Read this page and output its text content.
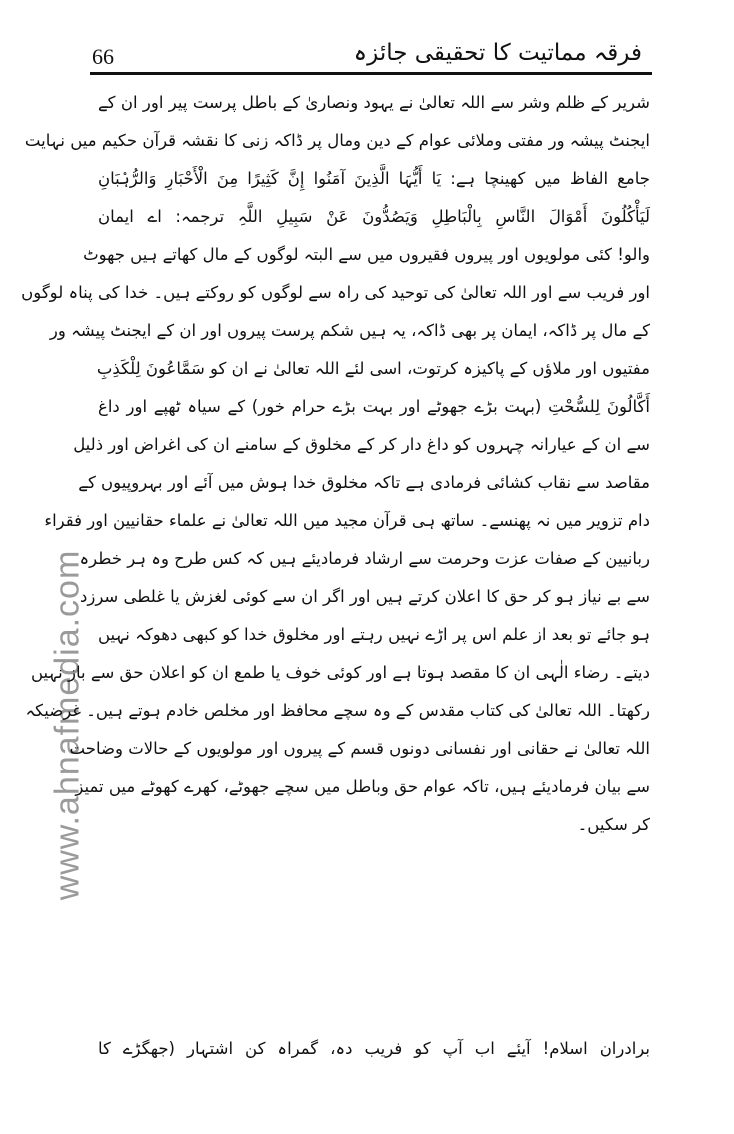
66	فرقہ مماتیت کا تحقیقی جائزہ
www.ahnafmedia.com
شریر کے ظلم وشر سے اللہ تعالیٰ نے یہود ونصاریٰ کے باطل پرست پیر اور ان کے
ایجنٹ پیشہ ور مفتی وملائی عوام کے دین ومال پر ڈاکہ زنی کا نقشہ قرآن حکیم میں نہایت
جامع الفاظ میں کھینچا ہے: یَا أَیُّہَا الَّذِینَ آمَنُوا إِنَّ کَثِیرًا مِنَ الْأَحْبَارِ وَالرُّہْبَانِ
لَیَأْکُلُونَ أَمْوَالَ النَّاسِ بِالْبَاطِلِ وَیَصُدُّونَ عَنْ سَبِیلِ اللَّہِ ترجمہ: اے ایمان
والو! کئی مولویوں اور پیروں فقیروں میں سے البتہ لوگوں کے مال کھاتے ہیں جھوٹ
اور فریب سے اور اللہ تعالیٰ کی توحید کی راہ سے لوگوں کو روکتے ہیں۔ خدا کی پناہ لوگوں
کے مال پر ڈاکہ، ایمان پر بھی ڈاکہ، یہ ہیں شکم پرست پیروں اور ان کے ایجنٹ پیشہ ور
مفتیوں اور ملاؤں کے پاکیزہ کرتوت، اسی لئے اللہ تعالیٰ نے ان کو سَمَّاعُونَ لِلْکَذِبِ
أَکَّالُونَ لِلسُّحْتِ (بہت بڑے جھوٹے اور بہت بڑے حرام خور) کے سیاہ ٹھپے اور داغ
سے ان کے عیارانہ چہروں کو داغ دار کر کے مخلوق کے سامنے ان کی اغراض اور ذلیل
مقاصد سے نقاب کشائی فرمادی ہے تاکہ مخلوق خدا ہوش میں آئے اور بہروپیوں کے
دام تزویر میں نہ پھنسے۔ ساتھ ہی قرآن مجید میں اللہ تعالیٰ نے علماء حقانیین اور فقراء
ربانیین کے صفات عزت وحرمت سے ارشاد فرمادیئے ہیں کہ کس طرح وہ ہر خطرہ
سے بے نیاز ہو کر حق کا اعلان کرتے ہیں اور اگر ان سے کوئی لغزش یا غلطی سرزد
ہو جائے تو بعد از علم اس پر اڑے نہیں رہتے اور مخلوق خدا کو کبھی دھوکہ نہیں
دیتے۔ رضاء الٰہی ان کا مقصد ہوتا ہے اور کوئی خوف یا طمع ان کو اعلان حق سے باز نہیں
رکھتا۔ اللہ تعالیٰ کی کتاب مقدس کے وہ سچے محافظ اور مخلص خادم ہوتے ہیں۔ غرضیکہ
اللہ تعالیٰ نے حقانی اور نفسانی دونوں قسم کے پیروں اور مولویوں کے حالات وضاحت
سے بیان فرمادیئے ہیں، تاکہ عوام حق وباطل میں سچے جھوٹے، کھرے کھوٹے میں تمیز
کر سکیں۔
برادران اسلام! آیئے اب آپ کو فریب دہ، گمراہ کن اشتہار (جھگڑے کا
